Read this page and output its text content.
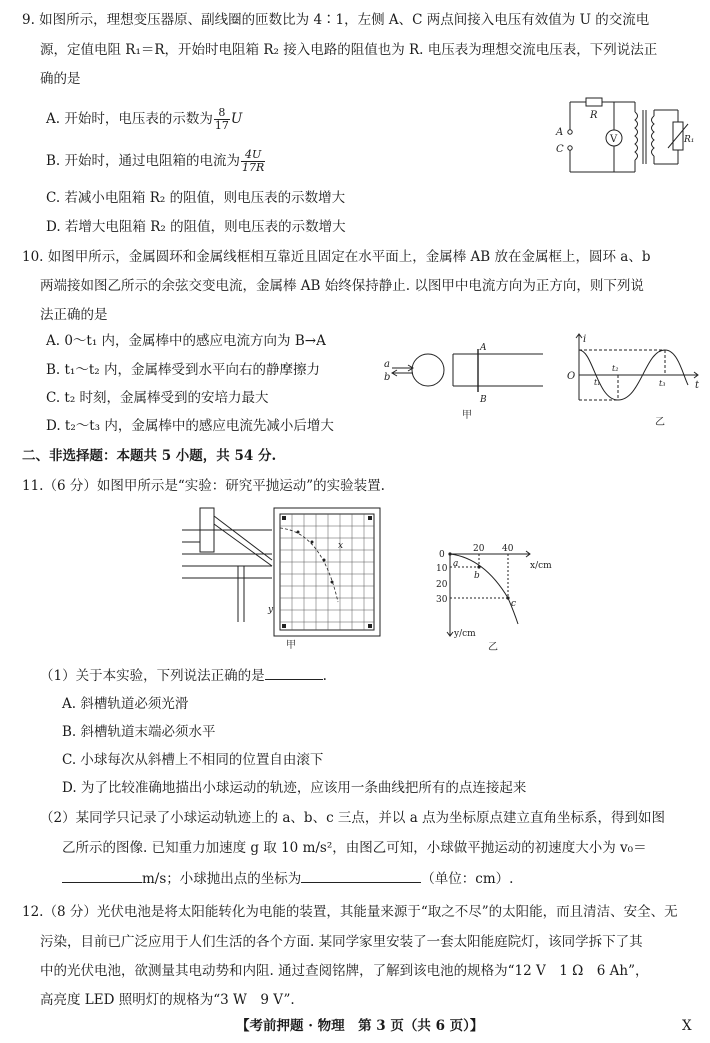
9. 如图所示，理想变压器原、副线圈的匝数比为 4∶1，左侧 A、C 两点间接入电压有效值为 U 的交流电
源，定值电阻 R₁＝R，开始时电阻箱 R₂ 接入电路的阻值也为 R. 电压表为理想交流电压表，下列说法正
确的是
A. 开始时，电压表的示数为 $\frac{8}{17}$ U
B. 开始时，通过电阻箱的电流为 $\frac{4U}{17R}$
C. 若减小电阻箱 R₂ 的阻值，则电压表的示数增大
D. 若增大电阻箱 R₂ 的阻值，则电压表的示数增大
A
C
R
V	R₁
10. 如图甲所示，金属圆环和金属线框相互靠近且固定在水平面上，金属棒 AB 放在金属框上，圆环 a、b
两端接如图乙所示的余弦交变电流，金属棒 AB 始终保持静止. 以图甲中电流方向为正方向，则下列说
法正确的是
A. 0～t₁ 内，金属棒中的感应电流方向为 B→A
B. t₁～t₂ 内，金属棒受到水平向右的静摩擦力
C. t₂ 时刻，金属棒受到的安培力最大
D. t₂～t₃ 内，金属棒中的感应电流先减小后增大
a
b
A
B
甲
i
O
t
t₁
t₂
t₃
乙
二、非选择题：本题共 5 小题，共 54 分.
11.（6 分）如图甲所示是“实验：研究平抛运动”的实验装置.
x
y
甲
0
20 40
x/cm
10
20
30
y/cm
a
b
c
乙
（1）关于本实验，下列说法正确的是	.
A. 斜槽轨道必须光滑
B. 斜槽轨道末端必须水平
C. 小球每次从斜槽上不相同的位置自由滚下
D. 为了比较准确地描出小球运动的轨迹，应该用一条曲线把所有的点连接起来
（2）某同学只记录了小球运动轨迹上的 a、b、c 三点，并以 a 点为坐标原点建立直角坐标系，得到如图
乙所示的图像. 已知重力加速度 g 取 10 m/s²，由图乙可知，小球做平抛运动的初速度大小为 v₀＝
m/s；小球抛出点的坐标为	（单位：cm）.
12.（8 分）光伏电池是将太阳能转化为电能的装置，其能量来源于“取之不尽”的太阳能，而且清洁、安全、无
污染，目前已广泛应用于人们生活的各个方面. 某同学家里安装了一套太阳能庭院灯，该同学拆下了其
中的光伏电池，欲测量其电动势和内阻. 通过查阅铭牌，了解到该电池的规格为“12 V　1 Ω　6 Ah”，
高亮度 LED 照明灯的规格为“3 W　9 V”.
【考前押题 · 物理　第 3 页（共 6 页）】	X
